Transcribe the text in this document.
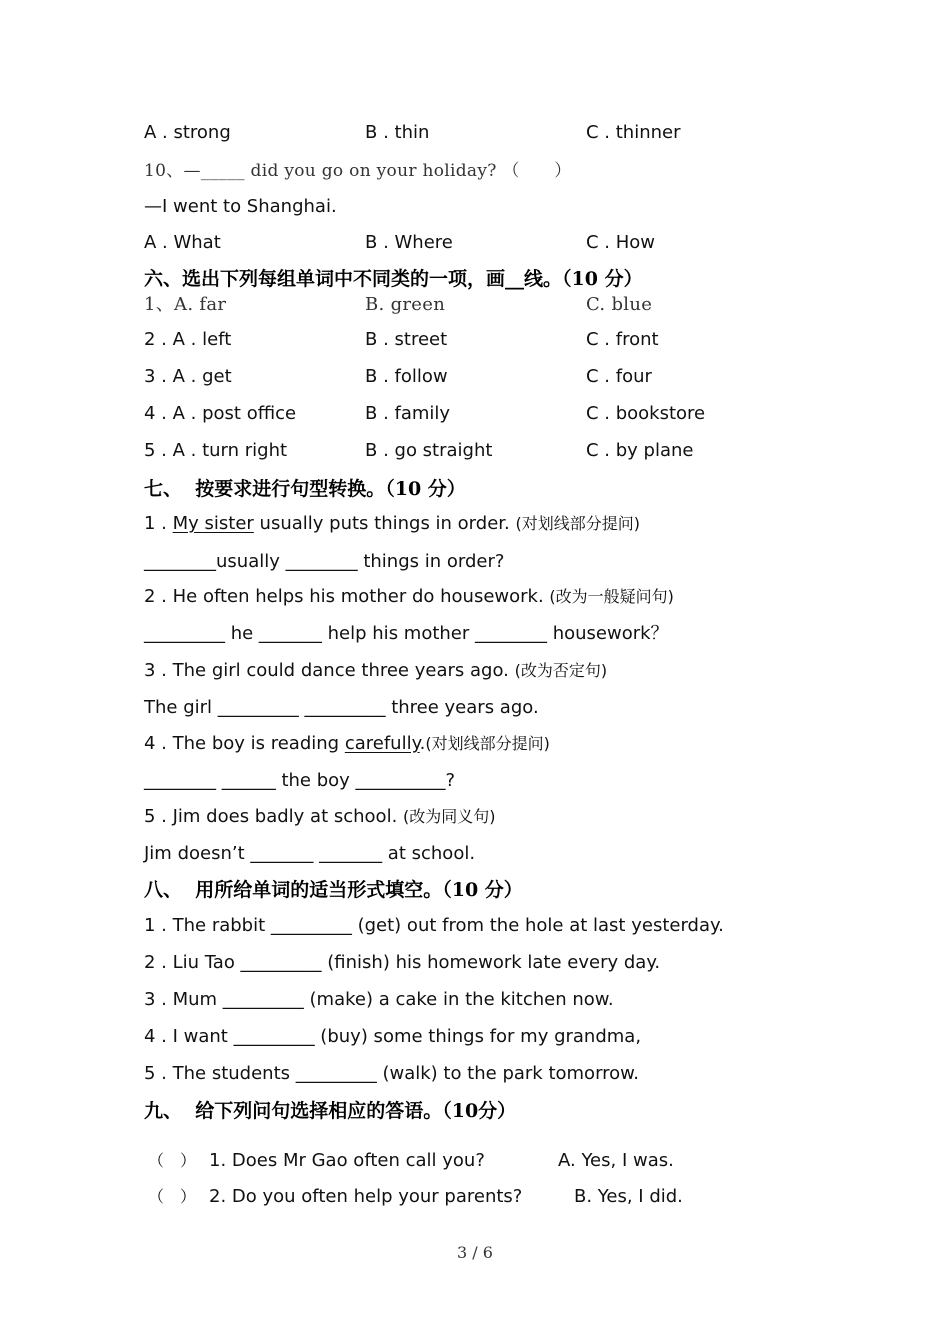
A . strong	B . thin	C . thinner
10、—_____ did you go on your holiday? （　　）
—I went to Shanghai.
A . What	B . Where	C . How
六、选出下列每组单词中不同类的一项，画__线。（10 分）
1、A. far	B. green	C. blue
2 . A . left	B . street	C . front
3 . A . get	B . follow	C . four
4 . A . post office	B . family	C . bookstore
5 . A . turn right	B . go straight	C . by plane
七、  按要求进行句型转换。（10 分）
1 . My sister usually puts things in order. (对划线部分提问)
________usually ________ things in order?
2 . He often helps his mother do housework. (改为一般疑问句)
_________ he _______ help his mother ________ housework？
3 . The girl could dance three years ago. (改为否定句)
The girl _________ _________ three years ago.
4 . The boy is reading carefully.(对划线部分提问)
________ ______ the boy __________?
5 . Jim does badly at school. (改为同义句)
Jim doesn’t _______ _______ at school.
八、  用所给单词的适当形式填空。（10 分）
1 . The rabbit _________ (get) out from the hole at last yesterday.
2 . Liu Tao _________ (finish) his homework late every day.
3 . Mum _________ (make) a cake in the kitchen now.
4 . I want _________ (buy) some things for my grandma,
5 . The students _________ (walk) to the park tomorrow.
九、  给下列问句选择相应的答语。（10分）
（　） 1. Does Mr Gao often call you?	A. Yes, I was.
（　） 2. Do you often help your parents?	B. Yes, I did.
3 / 6
